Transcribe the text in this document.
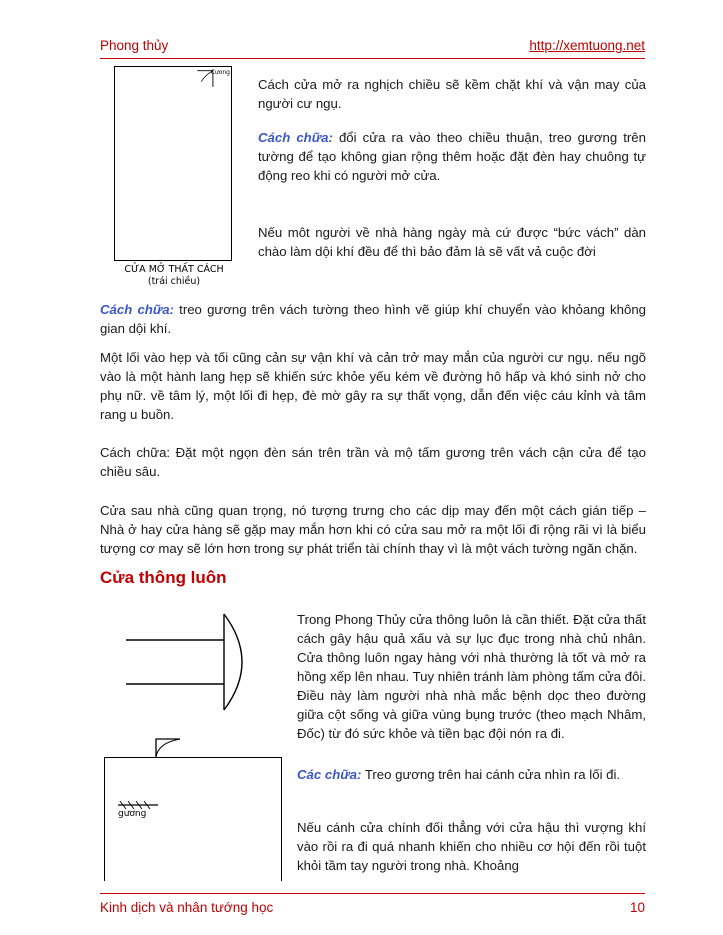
Phong thủy	http://xemtuong.net
Cưong
CỬA MỞ THẤT CÁCH
(trái chiều)
Cách cửa mở ra nghịch chiều sẽ kềm chặt khí và vận may của người cư ngụ.
Cách chữa: đổi cửa ra vào theo chiều thuận, treo gương trên tường để tạo không gian rộng thêm hoặc đặt đèn hay chuông tự động reo khi có người mở cửa.
Nếu môt người về nhà hàng ngày mà cứ được “bức vách” dàn chào làm dội khí đều để thì bảo đảm là sẽ vất vả cuộc đời
Cách chữa: treo gương trên vách tường theo hình vẽ giúp khí chuyển vào khỏang không gian dội khí.
Một lối vào hẹp và tối cũng cản sự vận khí và cản trở may mắn của người cư ngụ. nếu ngõ vào là một hành lang hẹp sẽ khiến sức khỏe yếu kém về đường hô hấp và khó sinh nở cho phụ nữ. về tâm lý, một lối đi hẹp, đè mờ gây ra sự thất vọng, dẫn đến việc cáu kỉnh và tâm rang u buồn.
Cách chữa: Đặt một ngọn đèn sán trên trần và mộ tấm gương trên vách cận cửa để tạo chiều sâu.
Cửa sau nhà cũng quan trọng, nó tượng trưng cho các dịp may đến một cách gián tiếp – Nhà ở hay cửa hàng sẽ gặp may mắn hơn khi có cửa sau mở ra một lối đi rộng rãi vì là biểu tượng cơ may sẽ lớn hơn trong sự phát triển tài chính thay vì là một vách tường ngăn chặn.
Cửa thông luôn
Trong Phong Thủy cửa thông luôn là cần thiết. Đặt cửa thất cách gây hậu quả xấu và sự lục đục trong nhà chủ nhân. Cửa thông luôn ngay hàng với nhà thường là tốt và mở ra hồng xếp lên nhau. Tuy nhiên tránh làm phòng tấm cửa đôi. Điều này làm người nhà nhà mắc bệnh dọc theo đường giữa cột sống và giữa vùng bụng trước (theo mạch Nhâm, Đốc) từ đó sức khỏe và tiền bạc đội nón ra đi.
gương
Các chữa: Treo gương trên hai cánh cửa nhìn ra lối đi.
Nếu cánh cửa chính đối thẳng với cửa hậu thì vượng khí vào rồi ra đi quá nhanh khiến cho nhiều cơ hội đến rồi tuột khỏi tầm tay người trong nhà. Khoảng
Kinh dịch và nhân tướng học	10
